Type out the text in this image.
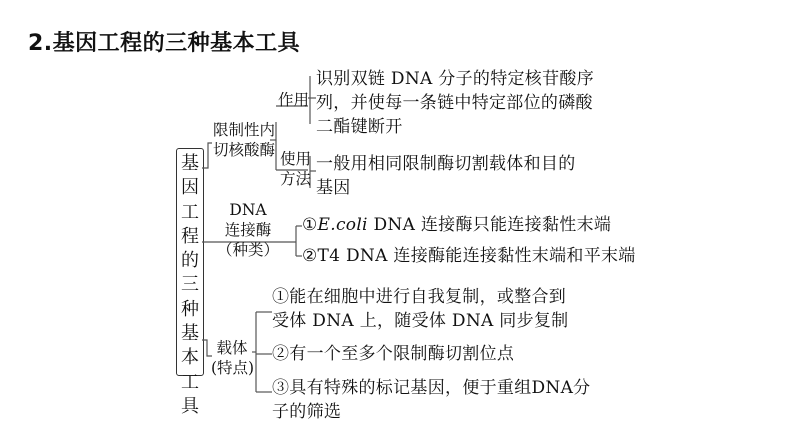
2.基因工程的三种基本工具
基因工程的三种基本工具
限制性内
切核酸酶
作用
使用
方法
识别双链 DNA 分子的特定核苷酸序
列，并使每一条链中特定部位的磷酸
二酯键断开
一般用相同限制酶切割载体和目的
基因
DNA
连接酶
（种类）
①E.coli DNA 连接酶只能连接黏性末端
②T4 DNA 连接酶能连接黏性末端和平末端
载体
(特点)
①能在细胞中进行自我复制，或整合到
受体 DNA 上，随受体 DNA 同步复制
②有一个至多个限制酶切割位点
③具有特殊的标记基因，便于重组DNA分
子的筛选
